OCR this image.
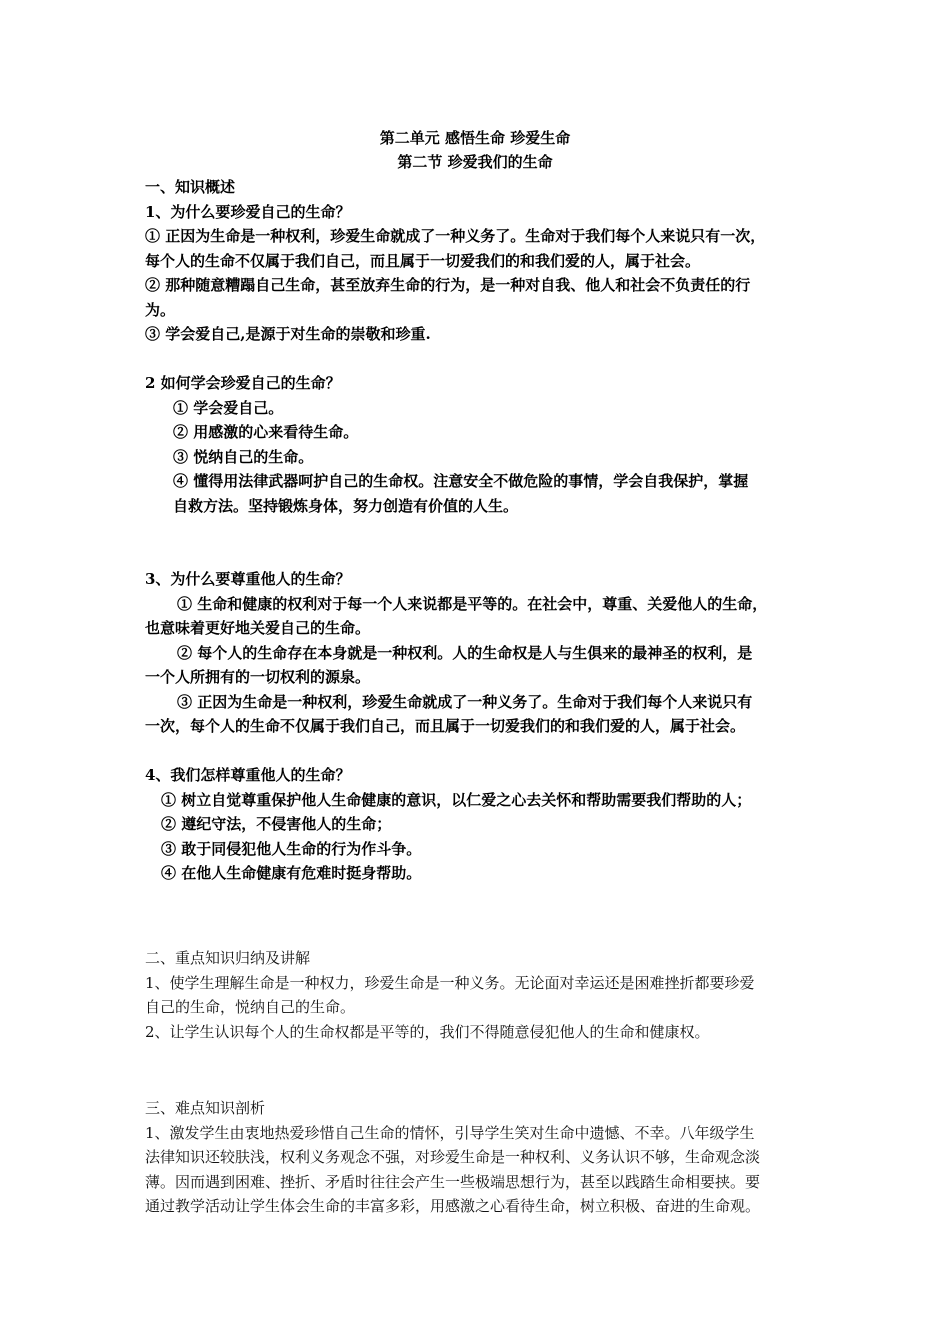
第二单元 感悟生命 珍爱生命
第二节 珍爱我们的生命
一、知识概述
1、为什么要珍爱自己的生命？
① 正因为生命是一种权利，珍爱生命就成了一种义务了。生命对于我们每个人来说只有一次，
每个人的生命不仅属于我们自己，而且属于一切爱我们的和我们爱的人，属于社会。
② 那种随意糟蹋自己生命，甚至放弃生命的行为，是一种对自我、他人和社会不负责任的行
为。
③ 学会爱自己,是源于对生命的崇敬和珍重.
2 如何学会珍爱自己的生命？
① 学会爱自己。
② 用感激的心来看待生命。
③ 悦纳自己的生命。
④ 懂得用法律武器呵护自己的生命权。注意安全不做危险的事情，学会自我保护，掌握
自救方法。坚持锻炼身体，努力创造有价值的人生。
3、为什么要尊重他人的生命？
① 生命和健康的权利对于每一个人来说都是平等的。在社会中，尊重、关爱他人的生命，
也意味着更好地关爱自己的生命。
② 每个人的生命存在本身就是一种权利。人的生命权是人与生俱来的最神圣的权利，是
一个人所拥有的一切权利的源泉。
③ 正因为生命是一种权利，珍爱生命就成了一种义务了。生命对于我们每个人来说只有
一次，每个人的生命不仅属于我们自己，而且属于一切爱我们的和我们爱的人，属于社会。
4、我们怎样尊重他人的生命？
① 树立自觉尊重保护他人生命健康的意识，以仁爱之心去关怀和帮助需要我们帮助的人；
② 遵纪守法，不侵害他人的生命；
③ 敢于同侵犯他人生命的行为作斗争。
④ 在他人生命健康有危难时挺身帮助。
二、重点知识归纳及讲解
1、使学生理解生命是一种权力，珍爱生命是一种义务。无论面对幸运还是困难挫折都要珍爱
自己的生命，悦纳自己的生命。
2、让学生认识每个人的生命权都是平等的，我们不得随意侵犯他人的生命和健康权。
三、难点知识剖析
1、激发学生由衷地热爱珍惜自己生命的情怀，引导学生笑对生命中遗憾、不幸。八年级学生
法律知识还较肤浅，权利义务观念不强，对珍爱生命是一种权利、义务认识不够，生命观念淡
薄。因而遇到困难、挫折、矛盾时往往会产生一些极端思想行为，甚至以践踏生命相要挟。要
通过教学活动让学生体会生命的丰富多彩，用感激之心看待生命，树立积极、奋进的生命观。
